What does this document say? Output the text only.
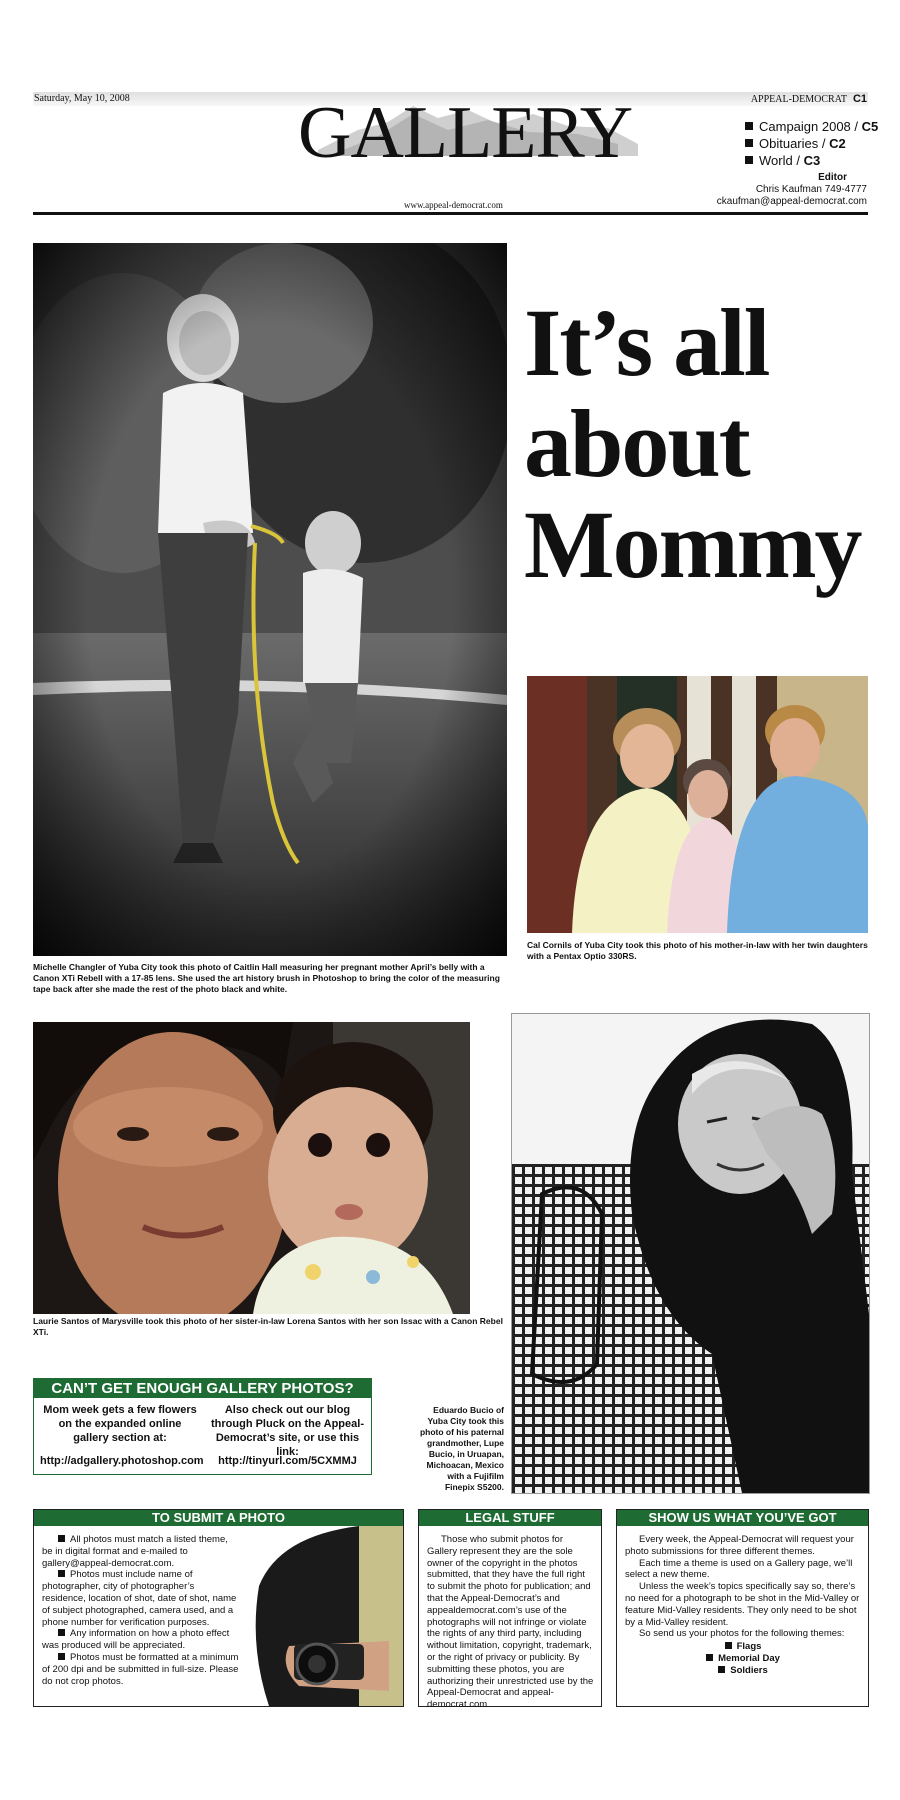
Saturday, May 10, 2008	APPEAL-DEMOCRAT C1
GALLERY
www.appeal-democrat.com
Campaign 2008 / C5
Obituaries / C2
World / C3
Editor
Chris Kaufman 749-4777
ckaufman@appeal-democrat.com
Michelle Changler of Yuba City took this photo of Caitlin Hall measuring her pregnant mother April’s belly with a Canon XTi Rebell with a 17-85 lens. She used the art history brush in Photoshop to bring the color of the measuring tape back after she made the rest of the photo black and white.
It’s all
about
Mommy
Cal Cornils of Yuba City took this photo of his mother-in-law with her twin daughters with a Pentax Optio 330RS.
Laurie Santos of Marysville took this photo of her sister-in-law Lorena Santos with her son Issac with a Canon Rebel XTi.
Eduardo Bucio of Yuba City took this photo of his paternal grandmother, Lupe Bucio, in Uruapan, Michoacan, Mexico with a Fujifilm Finepix S5200.
CAN’T GET ENOUGH GALLERY PHOTOS?
Mom week gets a few flowers on the expanded online gallery section at:
http://adgallery.photoshop.com
Also check out our blog through Pluck on the Appeal-Democrat’s site, or use this link:
http://tinyurl.com/5CXMMJ
TO SUBMIT A PHOTO
All photos must match a listed theme, be in digital format and e-mailed to gallery@appeal-democrat.com.
Photos must include name of photographer, city of photographer’s residence, location of shot, date of shot, name of subject photographed, camera used, and a phone number for verification purposes.
Any information on how a photo effect was produced will be appreciated.
Photos must be formatted at a minimum of 200 dpi and be submitted in full-size. Please do not crop photos.
LEGAL STUFF
Those who submit photos for Gallery represent they are the sole owner of the copyright in the photos submitted, that they have the full right to submit the photo for publication; and that the Appeal-Democrat’s and appealdemocrat.com’s use of the photographs will not infringe or violate the rights of any third party, including without limitation, copyright, trademark, or the right of privacy or publicity. By submitting these photos, you are authorizing their unrestricted use by the Appeal-Democrat and appeal-democrat.com
SHOW US WHAT YOU’VE GOT
Every week, the Appeal-Democrat will request your photo submissions for three different themes.
Each time a theme is used on a Gallery page, we’ll select a new theme.
Unless the week’s topics specifically say so, there’s no need for a photograph to be shot in the Mid-Valley or feature Mid-Valley residents. They only need to be shot by a Mid-Valley resident.
So send us your photos for the following themes:
Flags
Memorial Day
Soldiers
